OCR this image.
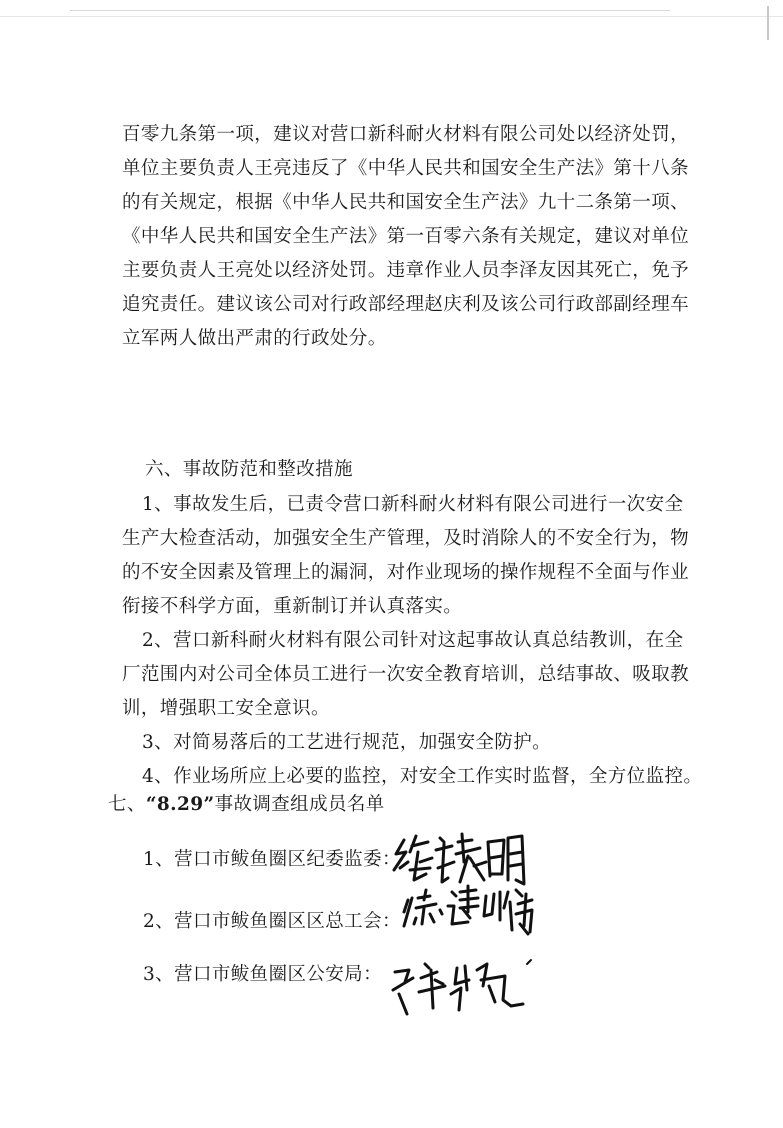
百零九条第一项，建议对营口新科耐火材料有限公司处以经济处罚，
单位主要负责人王亮违反了《中华人民共和国安全生产法》第十八条
的有关规定，根据《中华人民共和国安全生产法》九十二条第一项、
《中华人民共和国安全生产法》第一百零六条有关规定，建议对单位
主要负责人王亮处以经济处罚。违章作业人员李泽友因其死亡，免予
追究责任。建议该公司对行政部经理赵庆利及该公司行政部副经理车
立军两人做出严肃的行政处分。
六、事故防范和整改措施
1、事故发生后，已责令营口新科耐火材料有限公司进行一次安全
生产大检查活动，加强安全生产管理，及时消除人的不安全行为，物
的不安全因素及管理上的漏洞，对作业现场的操作规程不全面与作业
衔接不科学方面，重新制订并认真落实。
2、营口新科耐火材料有限公司针对这起事故认真总结教训，在全
厂范围内对公司全体员工进行一次安全教育培训，总结事故、吸取教
训，增强职工安全意识。
3、对简易落后的工艺进行规范，加强安全防护。
4、作业场所应上必要的监控，对安全工作实时监督，全方位监控。
七、“8.29”事故调查组成员名单
1、营口市鲅鱼圈区纪委监委：
2、营口市鲅鱼圈区区总工会：
3、营口市鲅鱼圈区公安局：
